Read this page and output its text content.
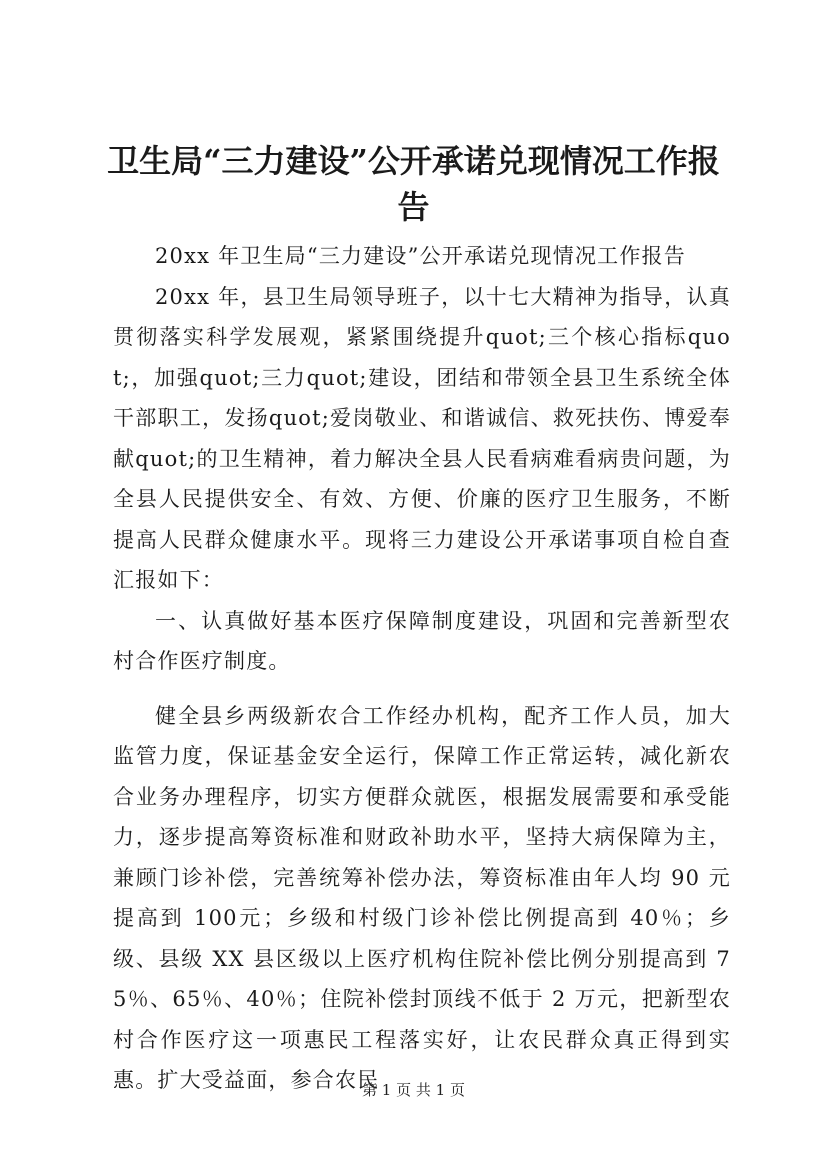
卫生局“三力建设”公开承诺兑现情况工作报告

20xx 年卫生局“三力建设”公开承诺兑现情况工作报告

20xx 年，县卫生局领导班子，以十七大精神为指导，认真贯彻落实科学发展观，紧紧围绕提升quot;三个核心指标quot;，加强quot;三力quot;建设，团结和带领全县卫生系统全体干部职工，发扬quot;爱岗敬业、和谐诚信、救死扶伤、博爱奉献quot;的卫生精神，着力解决全县人民看病难看病贵问题，为全县人民提供安全、有效、方便、价廉的医疗卫生服务，不断提高人民群众健康水平。现将三力建设公开承诺事项自检自查汇报如下：

一、认真做好基本医疗保障制度建设，巩固和完善新型农村合作医疗制度。

健全县乡两级新农合工作经办机构，配齐工作人员，加大监管力度，保证基金安全运行，保障工作正常运转，减化新农合业务办理程序，切实方便群众就医，根据发展需要和承受能力，逐步提高筹资标准和财政补助水平，坚持大病保障为主，兼顾门诊补偿，完善统筹补偿办法，筹资标准由年人均 90 元提高到 100元；乡级和村级门诊补偿比例提高到 40％；乡级、县级 XX 县区级以上医疗机构住院补偿比例分别提高到 75％、65％、40％；住院补偿封顶线不低于 2 万元，把新型农村合作医疗这一项惠民工程落实好，让农民群众真正得到实惠。扩大受益面，参合农民

第 1 页 共 1 页
